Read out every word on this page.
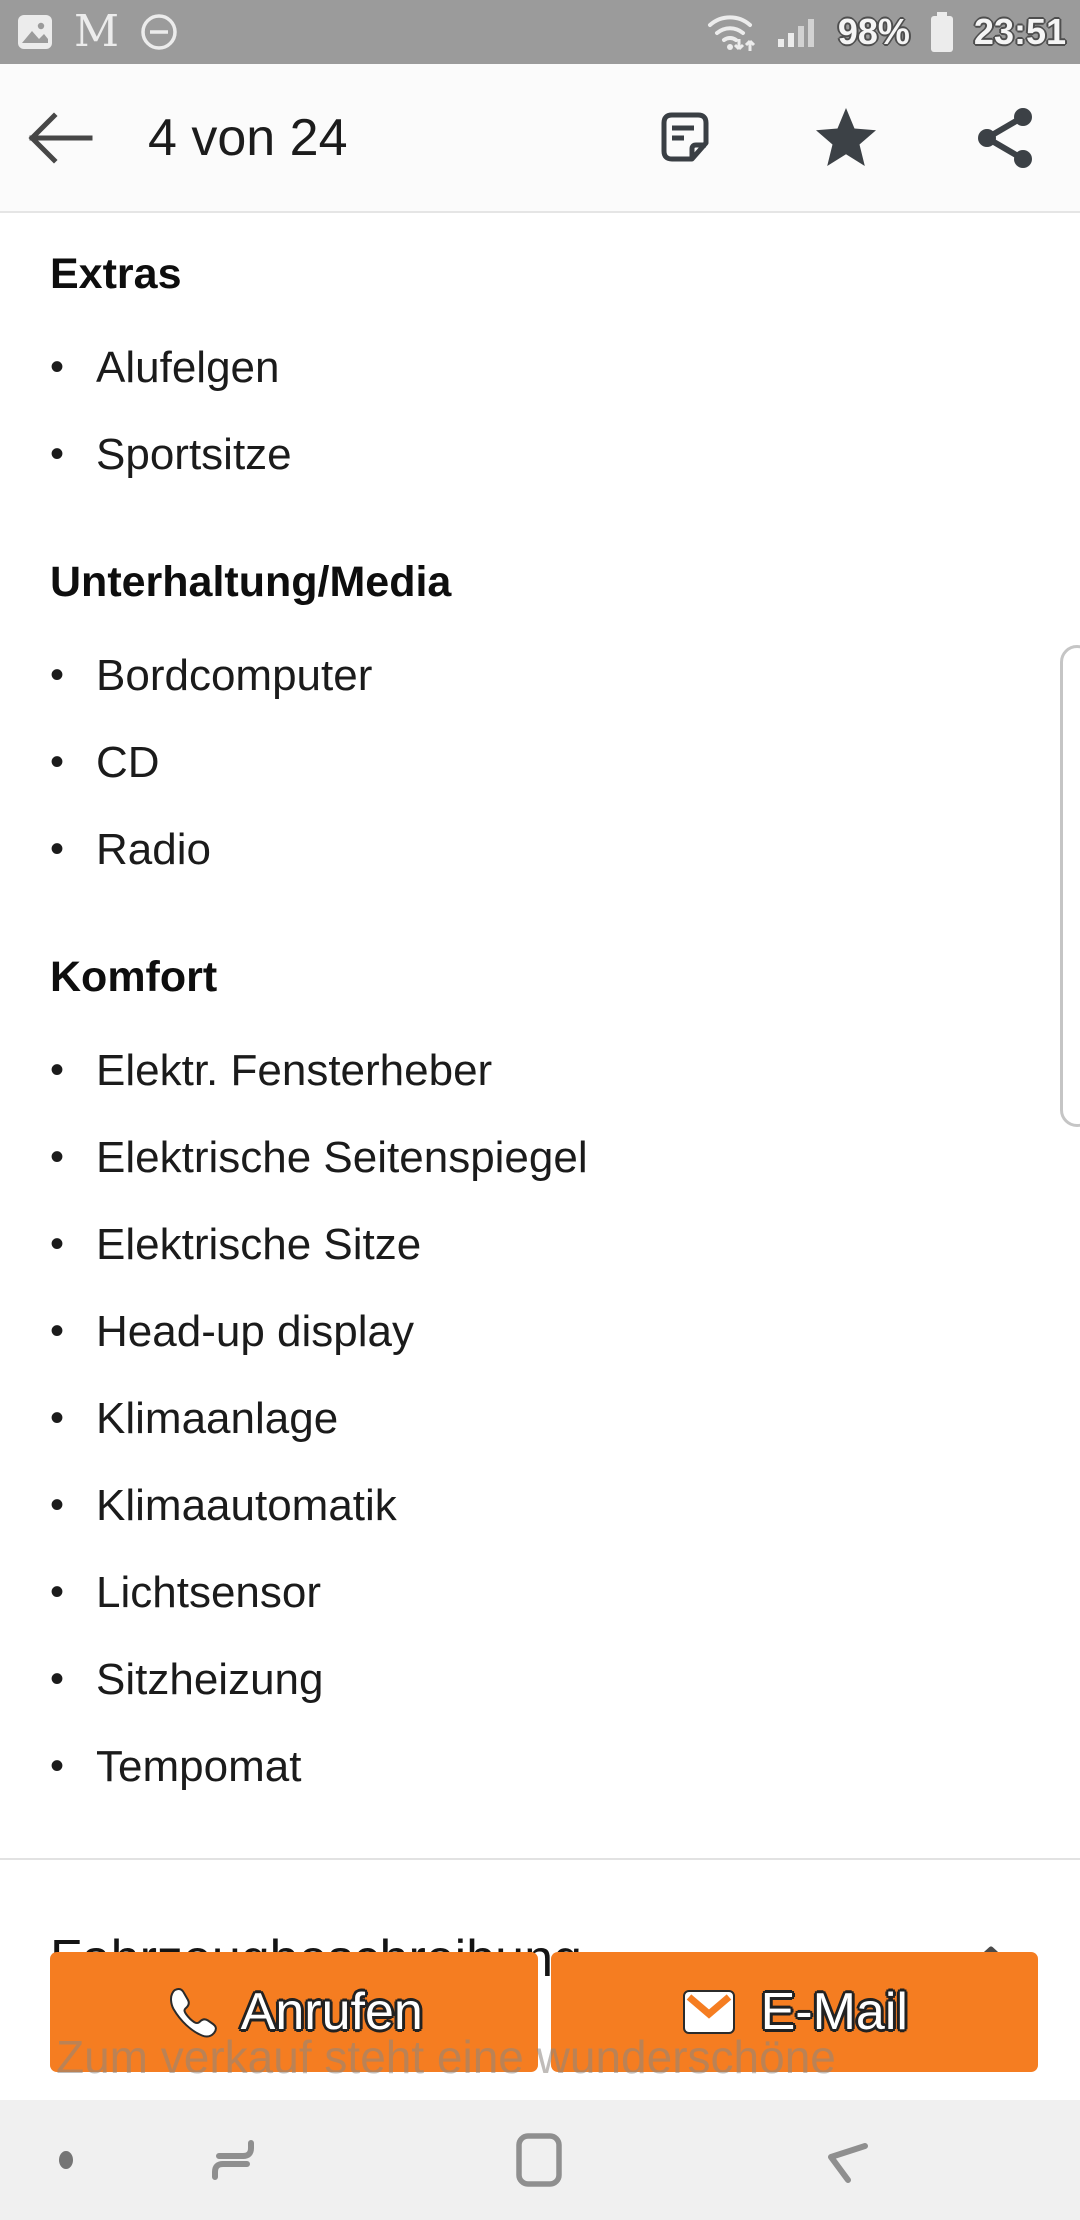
M	98% 23:51
4 von 24
Extras
• Alufelgen
• Sportsitze
Unterhaltung/Media
• Bordcomputer
• CD
• Radio
Komfort
• Elektr. Fensterheber
• Elektrische Seitenspiegel
• Elektrische Sitze
• Head-up display
• Klimaanlage
• Klimaautomatik
• Lichtsensor
• Sitzheizung
• Tempomat
Anrufen	E-Mail
Zum verkauf steht eine wunderschöne
